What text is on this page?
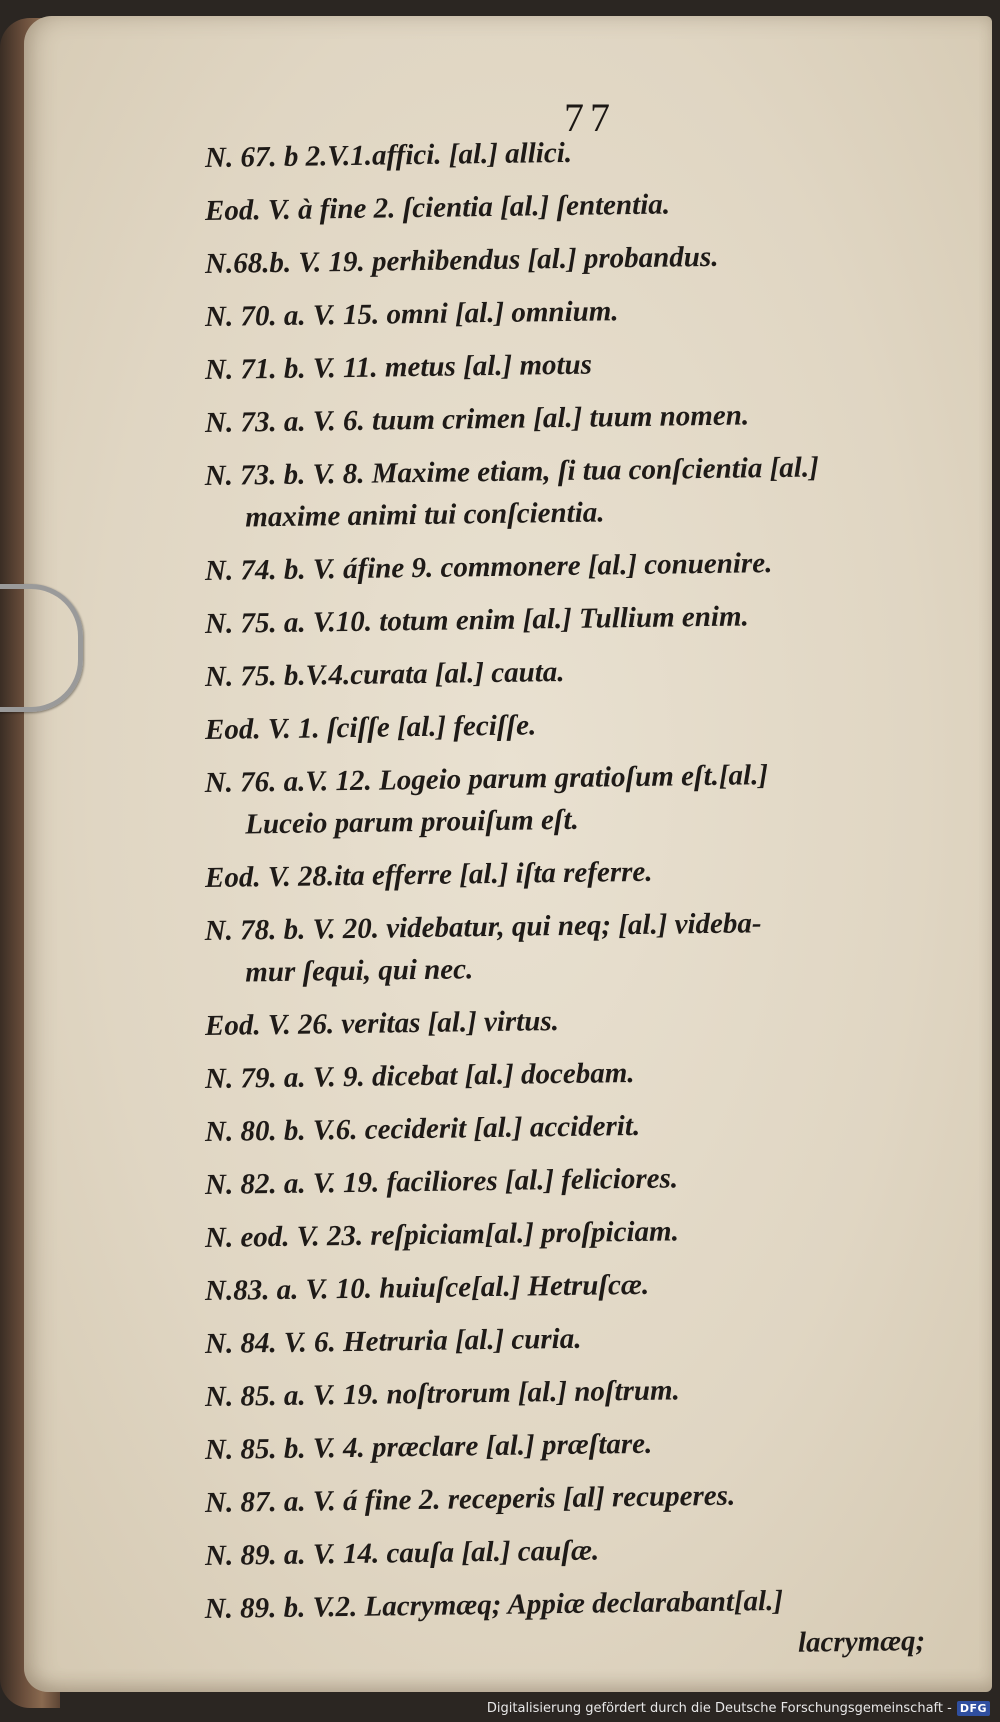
77
N. 67. b 2.V.1.affici. [al.] allici.
Eod. V. à fine 2. ſcientia [al.] ſententia.
N.68.b. V. 19. perhibendus [al.] probandus.
N. 70. a. V. 15. omni [al.] omnium.
N. 71. b. V. 11. metus [al.] motus
N. 73. a. V. 6. tuum crimen [al.] tuum nomen.
N. 73. b. V. 8. Maxime etiam, ſi tua conſcientia [al.]
maxime animi tui conſcientia.
N. 74. b. V. áfine 9. commonere [al.] conuenire.
N. 75. a. V.10. totum enim [al.] Tullium enim.
N. 75. b.V.4.curata [al.] cauta.
Eod. V. 1. ſciſſe [al.] feciſſe.
N. 76. a.V. 12. Logeio parum gratioſum eſt.[al.]
Luceio parum prouiſum eſt.
Eod. V. 28.ita efferre [al.] iſta referre.
N. 78. b. V. 20. videbatur, qui neq; [al.] videba-
mur ſequi, qui nec.
Eod. V. 26. veritas [al.] virtus.
N. 79. a. V. 9. dicebat [al.] docebam.
N. 80. b. V.6. ceciderit [al.] acciderit.
N. 82. a. V. 19. faciliores [al.] feliciores.
N. eod. V. 23. reſpiciam[al.] proſpiciam.
N.83. a. V. 10. huiuſce[al.] Hetruſcæ.
N. 84. V. 6. Hetruria [al.] curia.
N. 85. a. V. 19. noſtrorum [al.] noſtrum.
N. 85. b. V. 4. præclare [al.] præſtare.
N. 87. a. V. á fine 2. receperis [al] recuperes.
N. 89. a. V. 14. cauſa [al.] cauſæ.
N. 89. b. V.2. Lacrymæq; Appiæ declarabant[al.]
lacrymæq;
Digitalisierung gefördert durch die Deutsche Forschungsgemeinschaft - DFG
